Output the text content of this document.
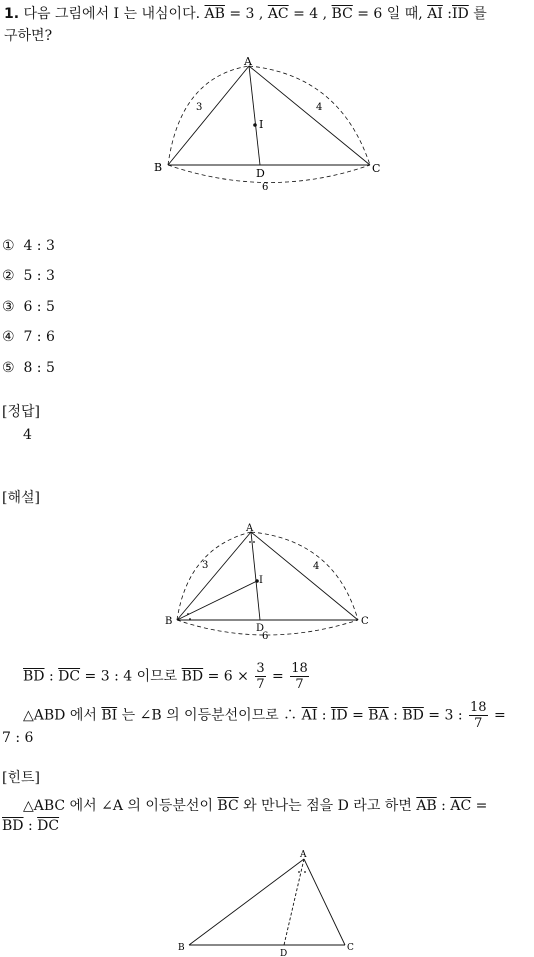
1. 다음 그림에서 I 는 내심이다. $\overline{AB} = 3$ , $\overline{AC} = 4$ , $\overline{BC} = 6$ 일 때, $\overline{AI}$ $:\overline{ID}$ 를
구하면?
A
B	C
D
I
3	4
6
① 4 : 3
② 5 : 3
③ 6 : 5
④ 7 : 6
⑤ 8 : 5
[정답]
4
[해설]
A
B	C
D
I
3	4
6
$\overline{BD}$ : $\overline{DC} = 3$ : 4 이므로 $\overline{BD} = 6 \times \frac{3}{7} = \frac{18}{7}$
△ABD 에서 $\overline{BI}$ 는 ∠B 의 이등분선이므로 ∴ $\overline{AI}$ : $\overline{ID} = \overline{BA}$ : $\overline{BD} = 3$ : $\frac{18}{7}$ =
7 : 6
[힌트]
△ABC 에서 ∠A 의 이등분선이 $\overline{BC}$ 와 만나는 점을 D 라고 하면 $\overline{AB}$ : $\overline{AC}$ =
$\overline{BD}$ : $\overline{DC}$
A
B	C
D
